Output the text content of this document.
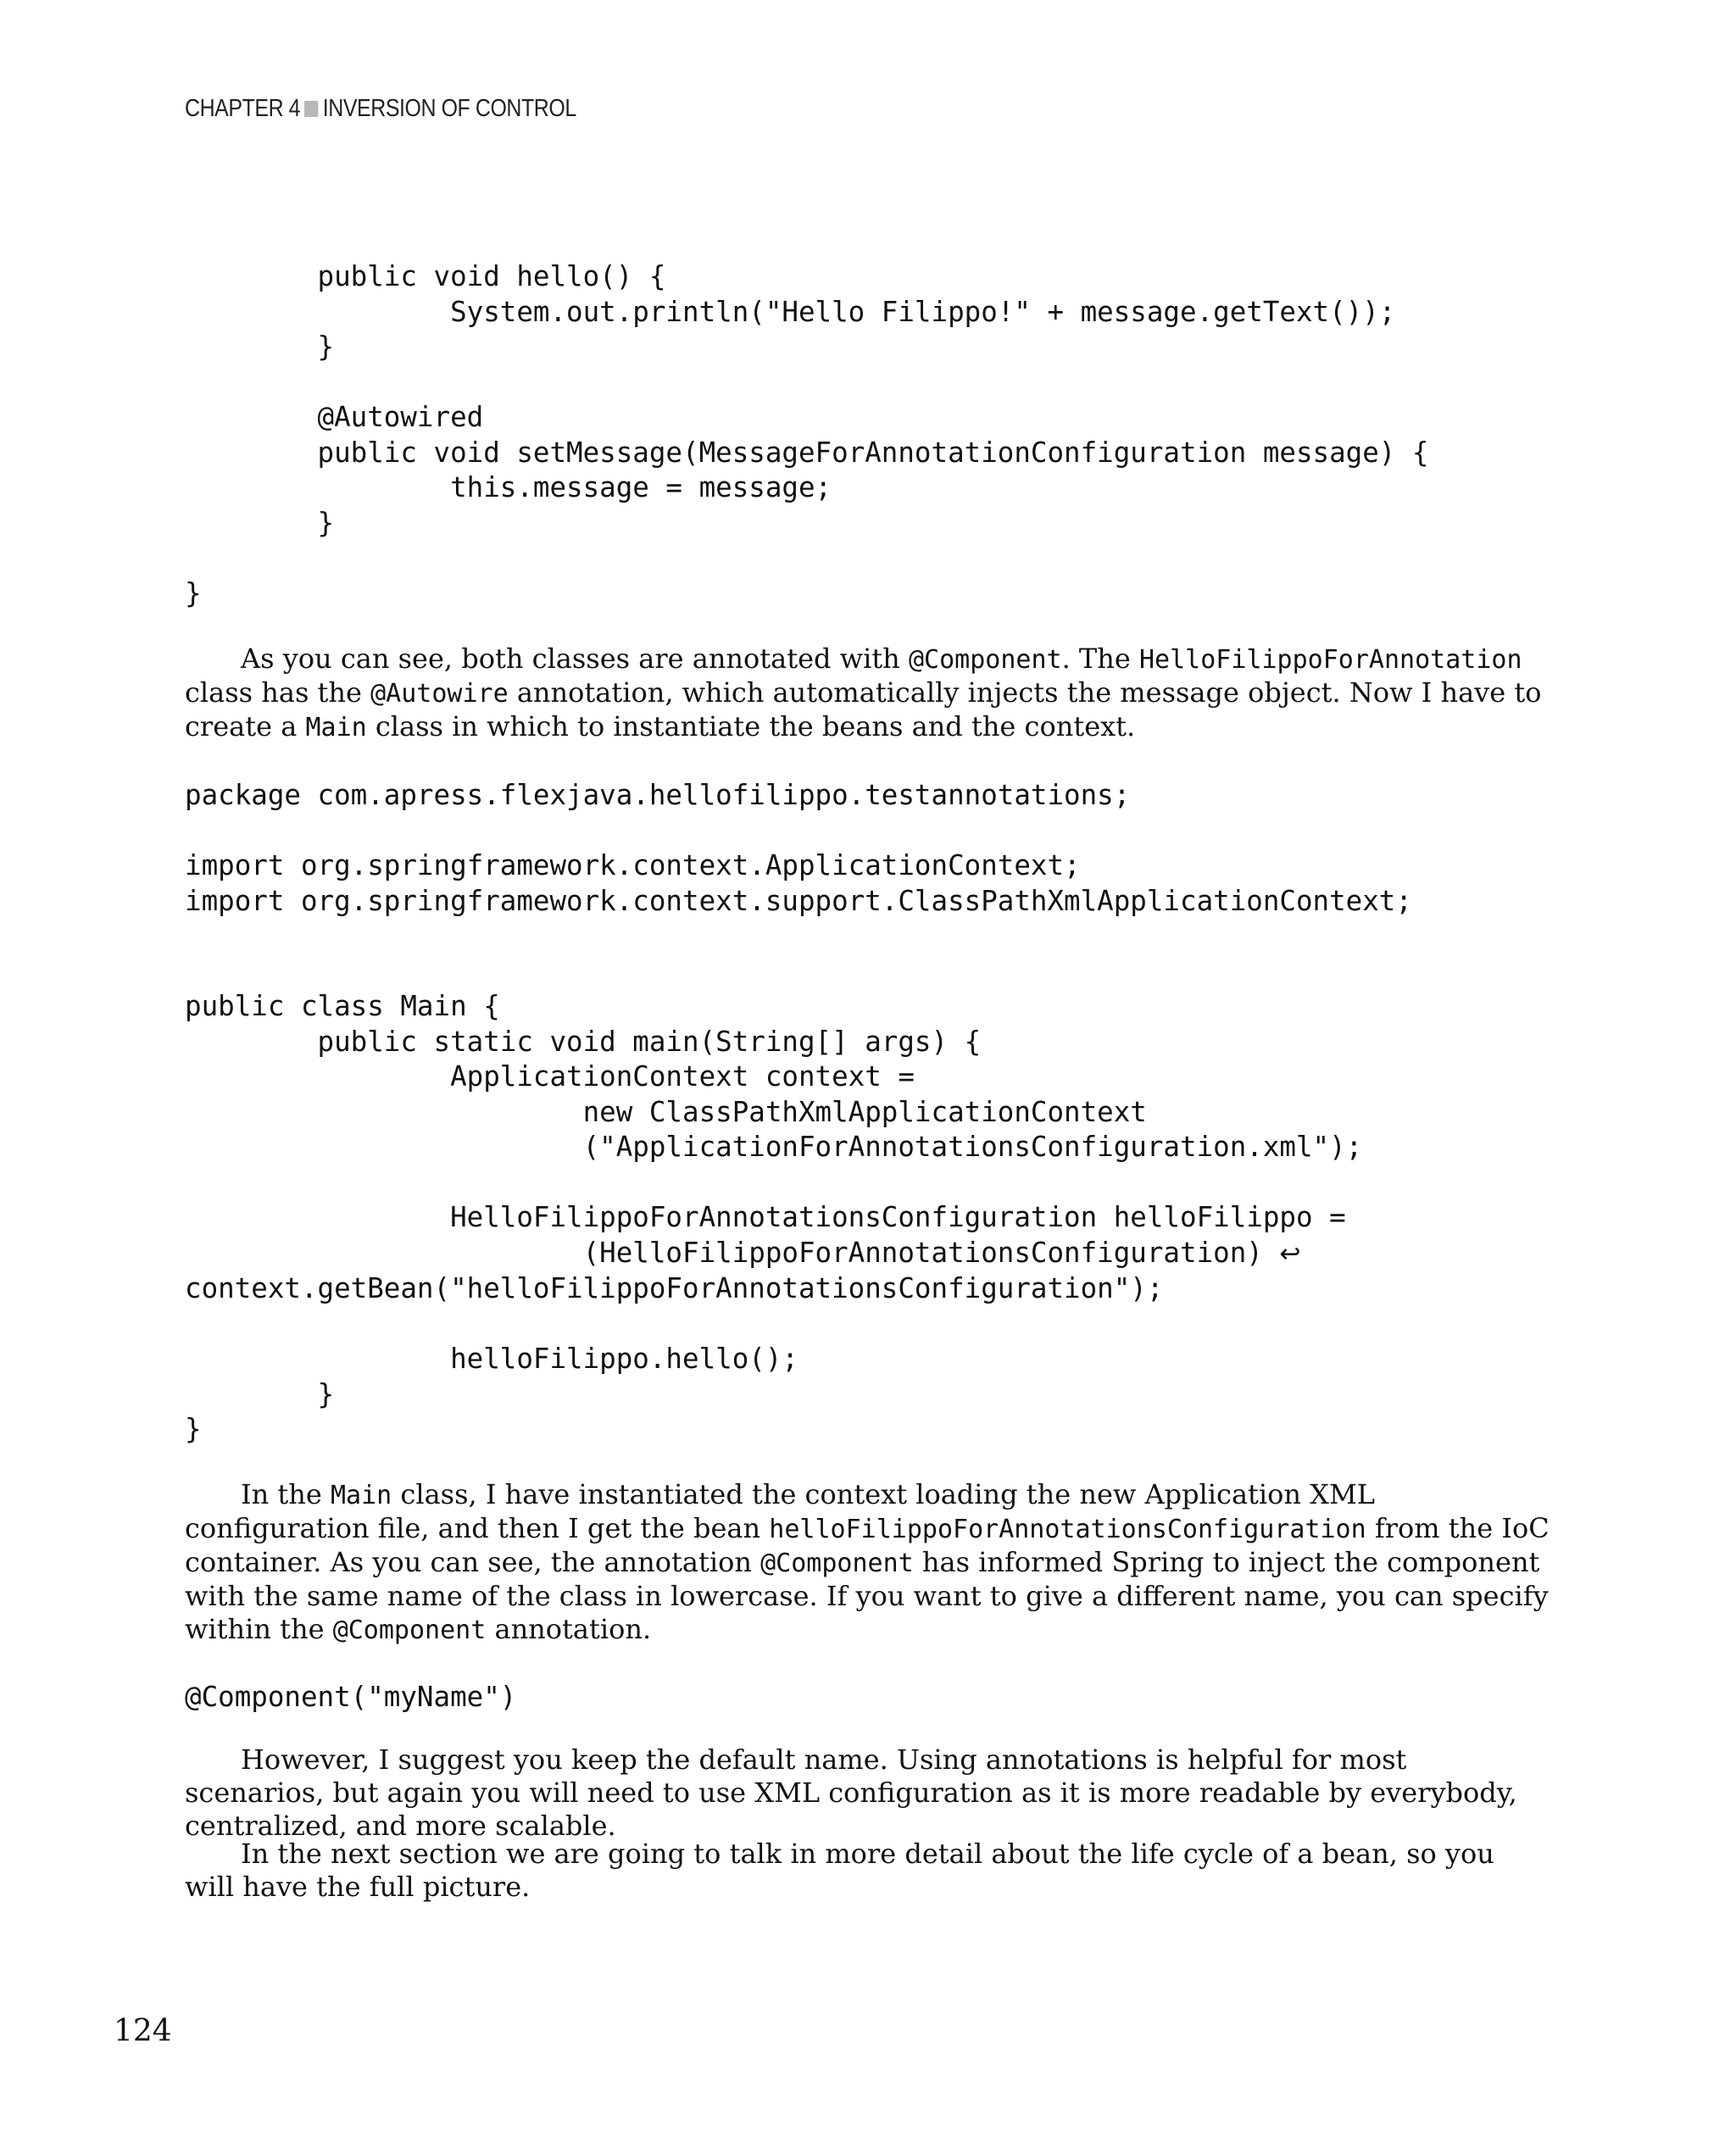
CHAPTER 4 INVERSION OF CONTROL
public void hello() {
System.out.println("Hello Filippo!" + message.getText());
}

@Autowired
public void setMessage(MessageForAnnotationConfiguration message) {
this.message = message;
}

}

As you can see, both classes are annotated with @Component. The HelloFilippoForAnnotation class has the @Autowire annotation, which automatically injects the message object. Now I have to create a Main class in which to instantiate the beans and the context.

package com.apress.flexjava.hellofilippo.testannotations;

import org.springframework.context.ApplicationContext;
import org.springframework.context.support.ClassPathXmlApplicationContext;

public class Main {
public static void main(String[] args) {
ApplicationContext context =
new ClassPathXmlApplicationContext
("ApplicationForAnnotationsConfiguration.xml");

HelloFilippoForAnnotationsConfiguration helloFilippo =
(HelloFilippoForAnnotationsConfiguration) ↩
context.getBean("helloFilippoForAnnotationsConfiguration");

helloFilippo.hello();
}
}

In the Main class, I have instantiated the context loading the new Application XML configuration file, and then I get the bean helloFilippoForAnnotationsConfiguration from the IoC container. As you can see, the annotation @Component has informed Spring to inject the component with the same name of the class in lowercase. If you want to give a different name, you can specify within the @Component annotation.

@Component("myName")

However, I suggest you keep the default name. Using annotations is helpful for most scenarios, but again you will need to use XML configuration as it is more readable by everybody, centralized, and more scalable.

In the next section we are going to talk in more detail about the life cycle of a bean, so you will have the full picture.

124
